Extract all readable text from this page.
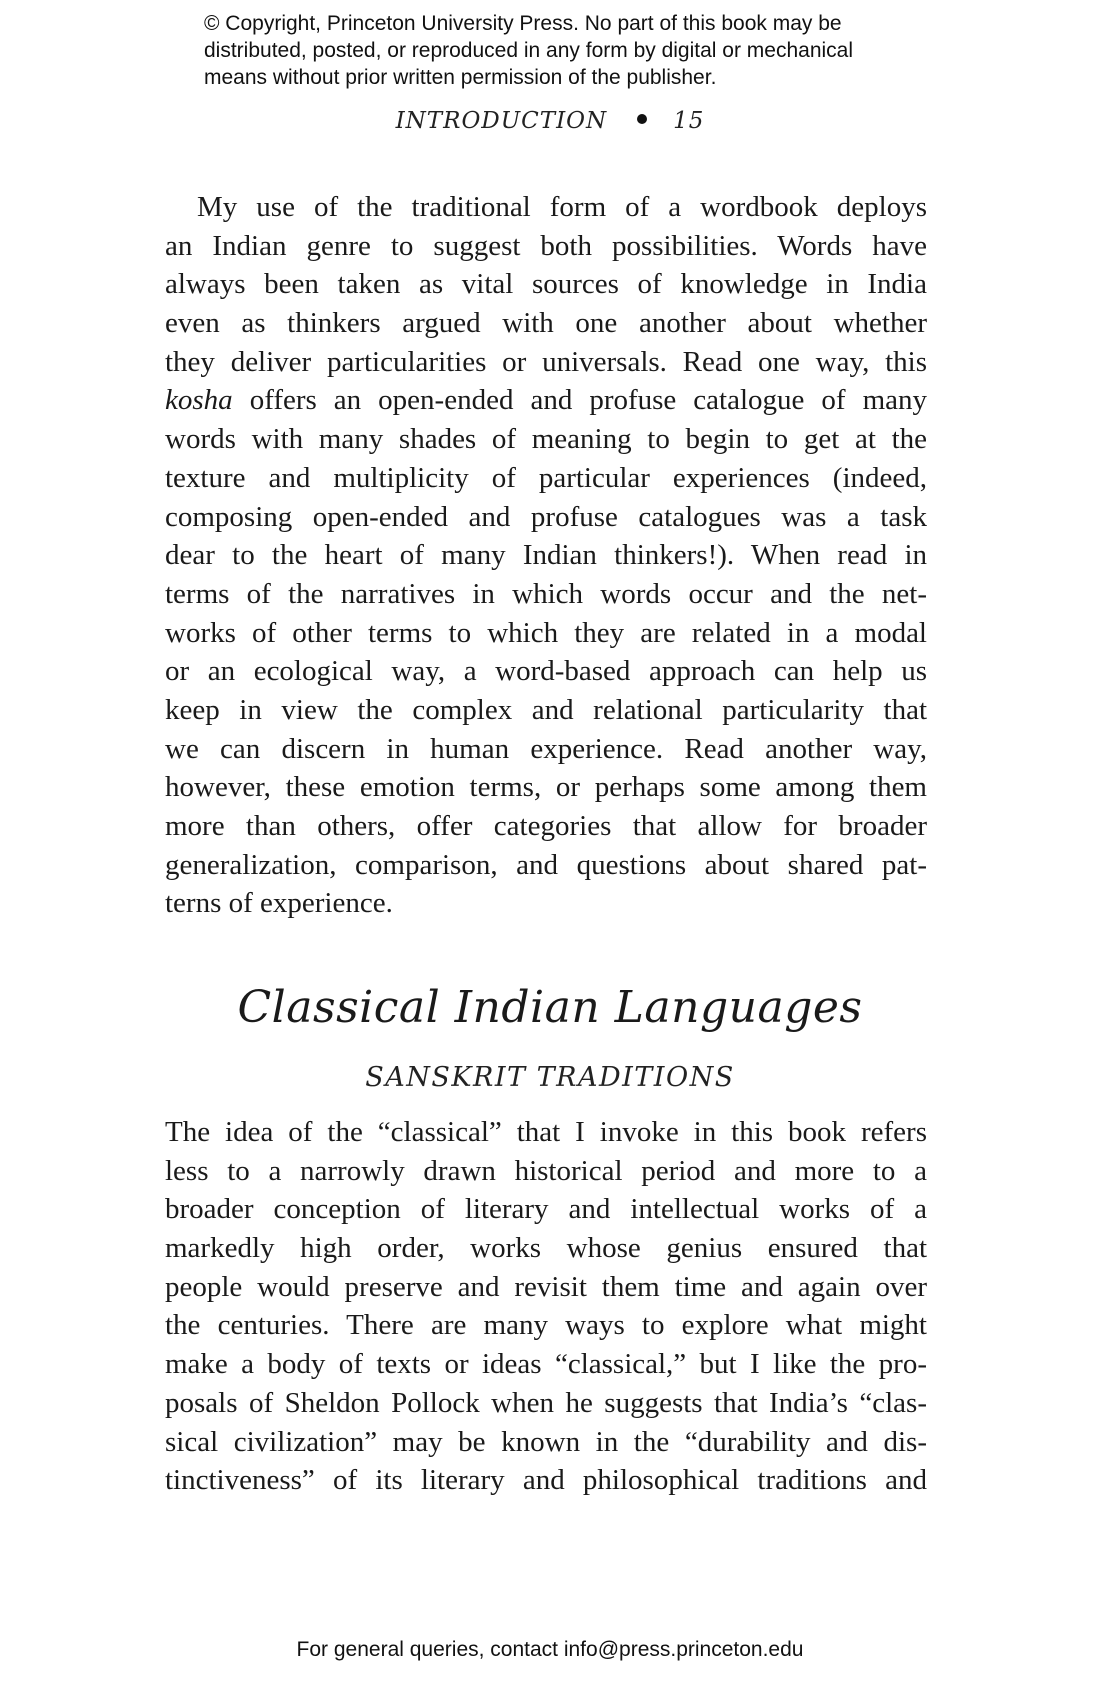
© Copyright, Princeton University Press. No part of this book may be
distributed, posted, or reproduced in any form by digital or mechanical
means without prior written permission of the publisher.
INTRODUCTION	15
My use of the traditional form of a wordbook deploys
an Indian genre to suggest both possibilities. Words have
always been taken as vital sources of knowledge in India
even as thinkers argued with one another about whether
they deliver particularities or universals. Read one way, this
kosha offers an open-ended and profuse catalogue of many
words with many shades of meaning to begin to get at the
texture and multiplicity of particular experiences (indeed,
composing open-ended and profuse catalogues was a task
dear to the heart of many Indian thinkers!). When read in
terms of the narratives in which words occur and the net-
works of other terms to which they are related in a modal
or an ecological way, a word-based approach can help us
keep in view the complex and relational particularity that
we can discern in human experience. Read another way,
however, these emotion terms, or perhaps some among them
more than others, offer categories that allow for broader
generalization, comparison, and questions about shared pat-
terns of experience.
Classical Indian Languages
SANSKRIT TRADITIONS
The idea of the “classical” that I invoke in this book refers
less to a narrowly drawn historical period and more to a
broader conception of literary and intellectual works of a
markedly high order, works whose genius ensured that
people would preserve and revisit them time and again over
the centuries. There are many ways to explore what might
make a body of texts or ideas “classical,” but I like the pro-
posals of Sheldon Pollock when he suggests that India’s “clas-
sical civilization” may be known in the “durability and dis-
tinctiveness” of its literary and philosophical traditions and
For general queries, contact info@press.princeton.edu
